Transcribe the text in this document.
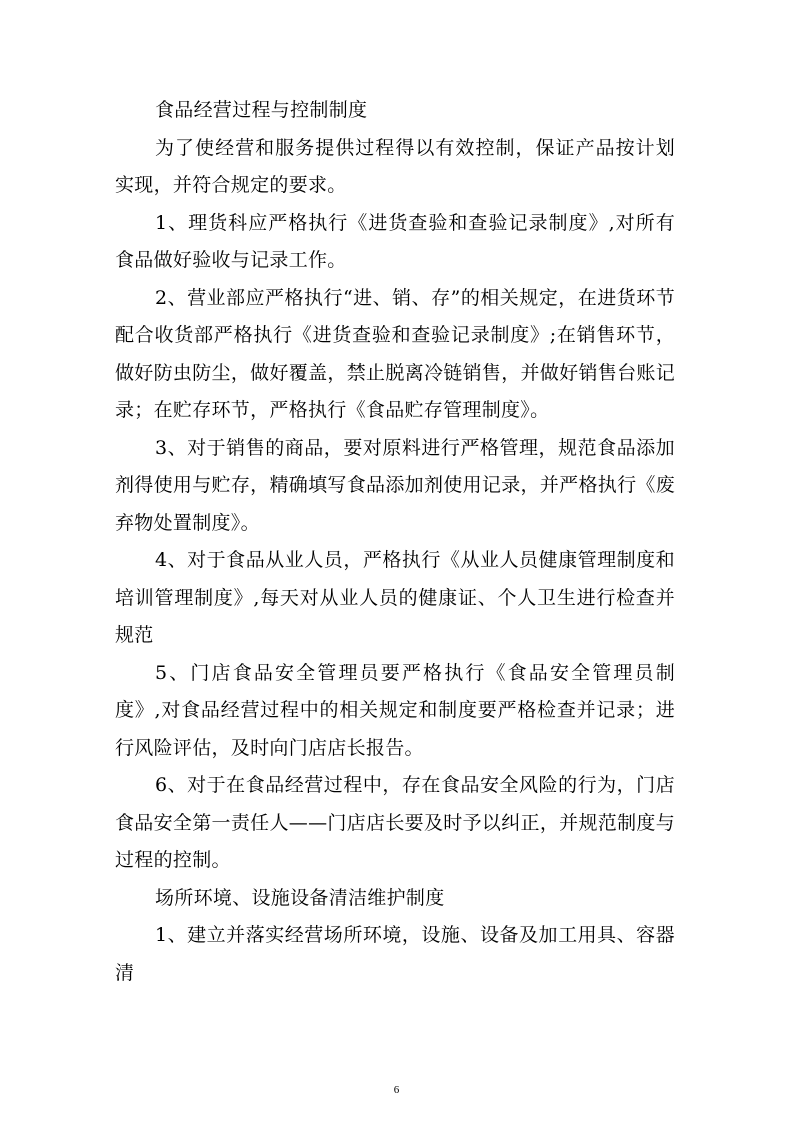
食品经营过程与控制制度

为了使经营和服务提供过程得以有效控制，保证产品按计划实现，并符合规定的要求。

1、理货科应严格执行《进货查验和查验记录制度》,对所有食品做好验收与记录工作。

2、营业部应严格执行“进、销、存”的相关规定，在进货环节配合收货部严格执行《进货查验和查验记录制度》;在销售环节，做好防虫防尘，做好覆盖，禁止脱离冷链销售，并做好销售台账记录；在贮存环节，严格执行《食品贮存管理制度》。

3、对于销售的商品，要对原料进行严格管理，规范食品添加剂得使用与贮存，精确填写食品添加剂使用记录，并严格执行《废弃物处置制度》。

4、对于食品从业人员，严格执行《从业人员健康管理制度和培训管理制度》,每天对从业人员的健康证、个人卫生进行检查并规范

5、门店食品安全管理员要严格执行《食品安全管理员制度》,对食品经营过程中的相关规定和制度要严格检查并记录；进行风险评估，及时向门店店长报告。

6、对于在食品经营过程中，存在食品安全风险的行为，门店食品安全第一责任人——门店店长要及时予以纠正，并规范制度与过程的控制。

场所环境、设施设备清洁维护制度

1、建立并落实经营场所环境，设施、设备及加工用具、容器清

6
